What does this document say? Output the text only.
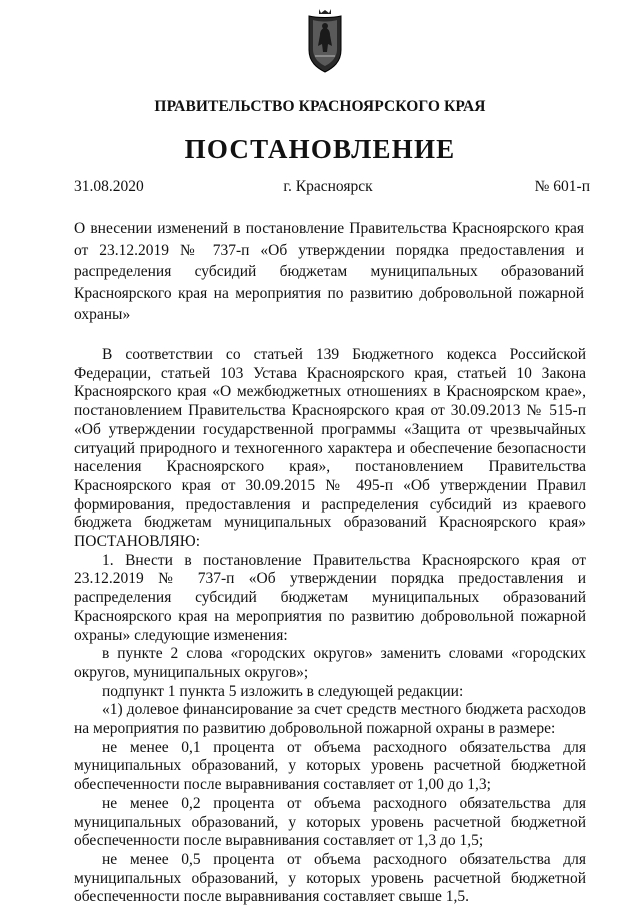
ПРАВИТЕЛЬСТВО КРАСНОЯРСКОГО КРАЯ
ПОСТАНОВЛЕНИЕ
31.08.2020	г. Красноярск	№ 601-п

О внесении изменений в постановление Правительства Красноярского края от 23.12.2019 № 737-п «Об утверждении порядка предоставления и распределения субсидий бюджетам муниципальных образований Красноярского края на мероприятия по развитию добровольной пожарной охраны»

В соответствии со статьей 139 Бюджетного кодекса Российской Федерации, статьей 103 Устава Красноярского края, статьей 10 Закона Красноярского края «О межбюджетных отношениях в Красноярском крае», постановлением Правительства Красноярского края от 30.09.2013 № 515-п «Об утверждении государственной программы «Защита от чрезвычайных ситуаций природного и техногенного характера и обеспечение безопасности населения Красноярского края», постановлением Правительства Красноярского края от 30.09.2015 № 495-п «Об утверждении Правил формирования, предоставления и распределения субсидий из краевого бюджета бюджетам муниципальных образований Красноярского края» ПОСТАНОВЛЯЮ:

1. Внести в постановление Правительства Красноярского края от 23.12.2019 № 737-п «Об утверждении порядка предоставления и распределения субсидий бюджетам муниципальных образований Красноярского края на мероприятия по развитию добровольной пожарной охраны» следующие изменения:

в пункте 2 слова «городских округов» заменить словами «городских округов, муниципальных округов»;

подпункт 1 пункта 5 изложить в следующей редакции:

«1) долевое финансирование за счет средств местного бюджета расходов на мероприятия по развитию добровольной пожарной охраны в размере:

не менее 0,1 процента от объема расходного обязательства для муниципальных образований, у которых уровень расчетной бюджетной обеспеченности после выравнивания составляет от 1,00 до 1,3;

не менее 0,2 процента от объема расходного обязательства для муниципальных образований, у которых уровень расчетной бюджетной обеспеченности после выравнивания составляет от 1,3 до 1,5;

не менее 0,5 процента от объема расходного обязательства для муниципальных образований, у которых уровень расчетной бюджетной обеспеченности после выравнивания составляет свыше 1,5.
